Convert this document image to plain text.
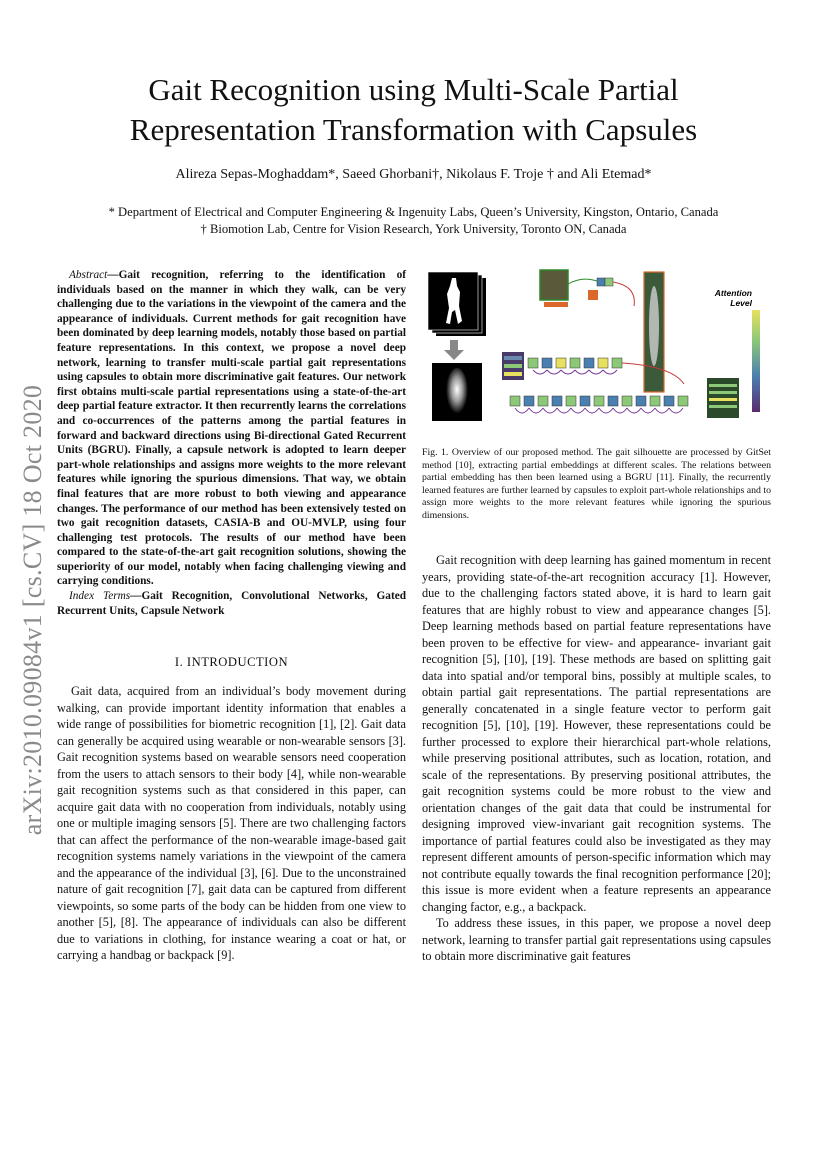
Gait Recognition using Multi-Scale Partial
Representation Transformation with Capsules
Alireza Sepas-Moghaddam*, Saeed Ghorbani†, Nikolaus F. Troje † and Ali Etemad*
* Department of Electrical and Computer Engineering & Ingenuity Labs, Queen’s University, Kingston, Ontario, Canada
† Biomotion Lab, Centre for Vision Research, York University, Toronto ON, Canada
arXiv:2010.09084v1 [cs.CV] 18 Oct 2020

Abstract—Gait recognition, referring to the identification of individuals based on the manner in which they walk, can be very challenging due to the variations in the viewpoint of the camera and the appearance of individuals. Current methods for gait recognition have been dominated by deep learning models, notably those based on partial feature representations. In this context, we propose a novel deep network, learning to transfer multi-scale partial gait representations using capsules to obtain more discriminative gait features. Our network first obtains multi-scale partial representations using a state-of-the-art deep partial feature extractor. It then recurrently learns the correlations and co-occurrences of the patterns among the partial features in forward and backward directions using Bi-directional Gated Recurrent Units (BGRU). Finally, a capsule network is adopted to learn deeper part-whole relationships and assigns more weights to the more relevant features while ignoring the spurious dimensions. That way, we obtain final features that are more robust to both viewing and appearance changes. The performance of our method has been extensively tested on two gait recognition datasets, CASIA-B and OU-MVLP, using four challenging test protocols. The results of our method have been compared to the state-of-the-art gait recognition solutions, showing the superiority of our model, notably when facing challenging viewing and carrying conditions.

Index Terms—Gait Recognition, Convolutional Networks, Gated Recurrent Units, Capsule Network

I. INTRODUCTION

Gait data, acquired from an individual’s body movement during walking, can provide important identity information that enables a wide range of possibilities for biometric recognition [1], [2]. Gait data can generally be acquired using wearable or non-wearable sensors [3]. Gait recognition systems based on wearable sensors need cooperation from the users to attach sensors to their body [4], while non-wearable gait recognition systems such as that considered in this paper, can acquire gait data with no cooperation from individuals, notably using one or multiple imaging sensors [5]. There are two challenging factors that can affect the performance of the non-wearable image-based gait recognition systems namely variations in the viewpoint of the camera and the appearance of the individual [3], [6]. Due to the unconstrained nature of gait recognition [7], gait data can be captured from different viewpoints, so some parts of the body can be hidden from one view to another [5], [8]. The appearance of individuals can also be different due to variations in clothing, for instance wearing a coat or hat, or carrying a handbag or backpack [9].

Attention
Level
Fig. 1. Overview of our proposed method. The gait silhouette are processed by GitSet method [10], extracting partial embeddings at different scales. The relations between partial embedding has then been learned using a BGRU [11]. Finally, the recurrently learned features are further learned by capsules to exploit part-whole relationships and to assign more weights to the more relevant features while ignoring the spurious dimensions.

Gait recognition with deep learning has gained momentum in recent years, providing state-of-the-art recognition accuracy [1]. However, due to the challenging factors stated above, it is hard to learn gait features that are highly robust to view and appearance changes [5]. Deep learning methods based on partial feature representations have been proven to be effective for view- and appearance- invariant gait recognition [5], [10], [19]. These methods are based on splitting gait data into spatial and/or temporal bins, possibly at multiple scales, to obtain partial gait representations. The partial representations are generally concatenated in a single feature vector to perform gait recognition [5], [10], [19]. However, these representations could be further processed to explore their hierarchical part-whole relations, while preserving positional attributes, such as location, rotation, and scale of the representations. By preserving positional attributes, the gait recognition systems could be more robust to the view and orientation changes of the gait data that could be instrumental for designing improved view-invariant gait recognition systems. The importance of partial features could also be investigated as they may represent different amounts of person-specific information which may not contribute equally towards the final recognition performance [20]; this issue is more evident when a feature represents an appearance changing factor, e.g., a backpack.

To address these issues, in this paper, we propose a novel deep network, learning to transfer partial gait representations using capsules to obtain more discriminative gait features
